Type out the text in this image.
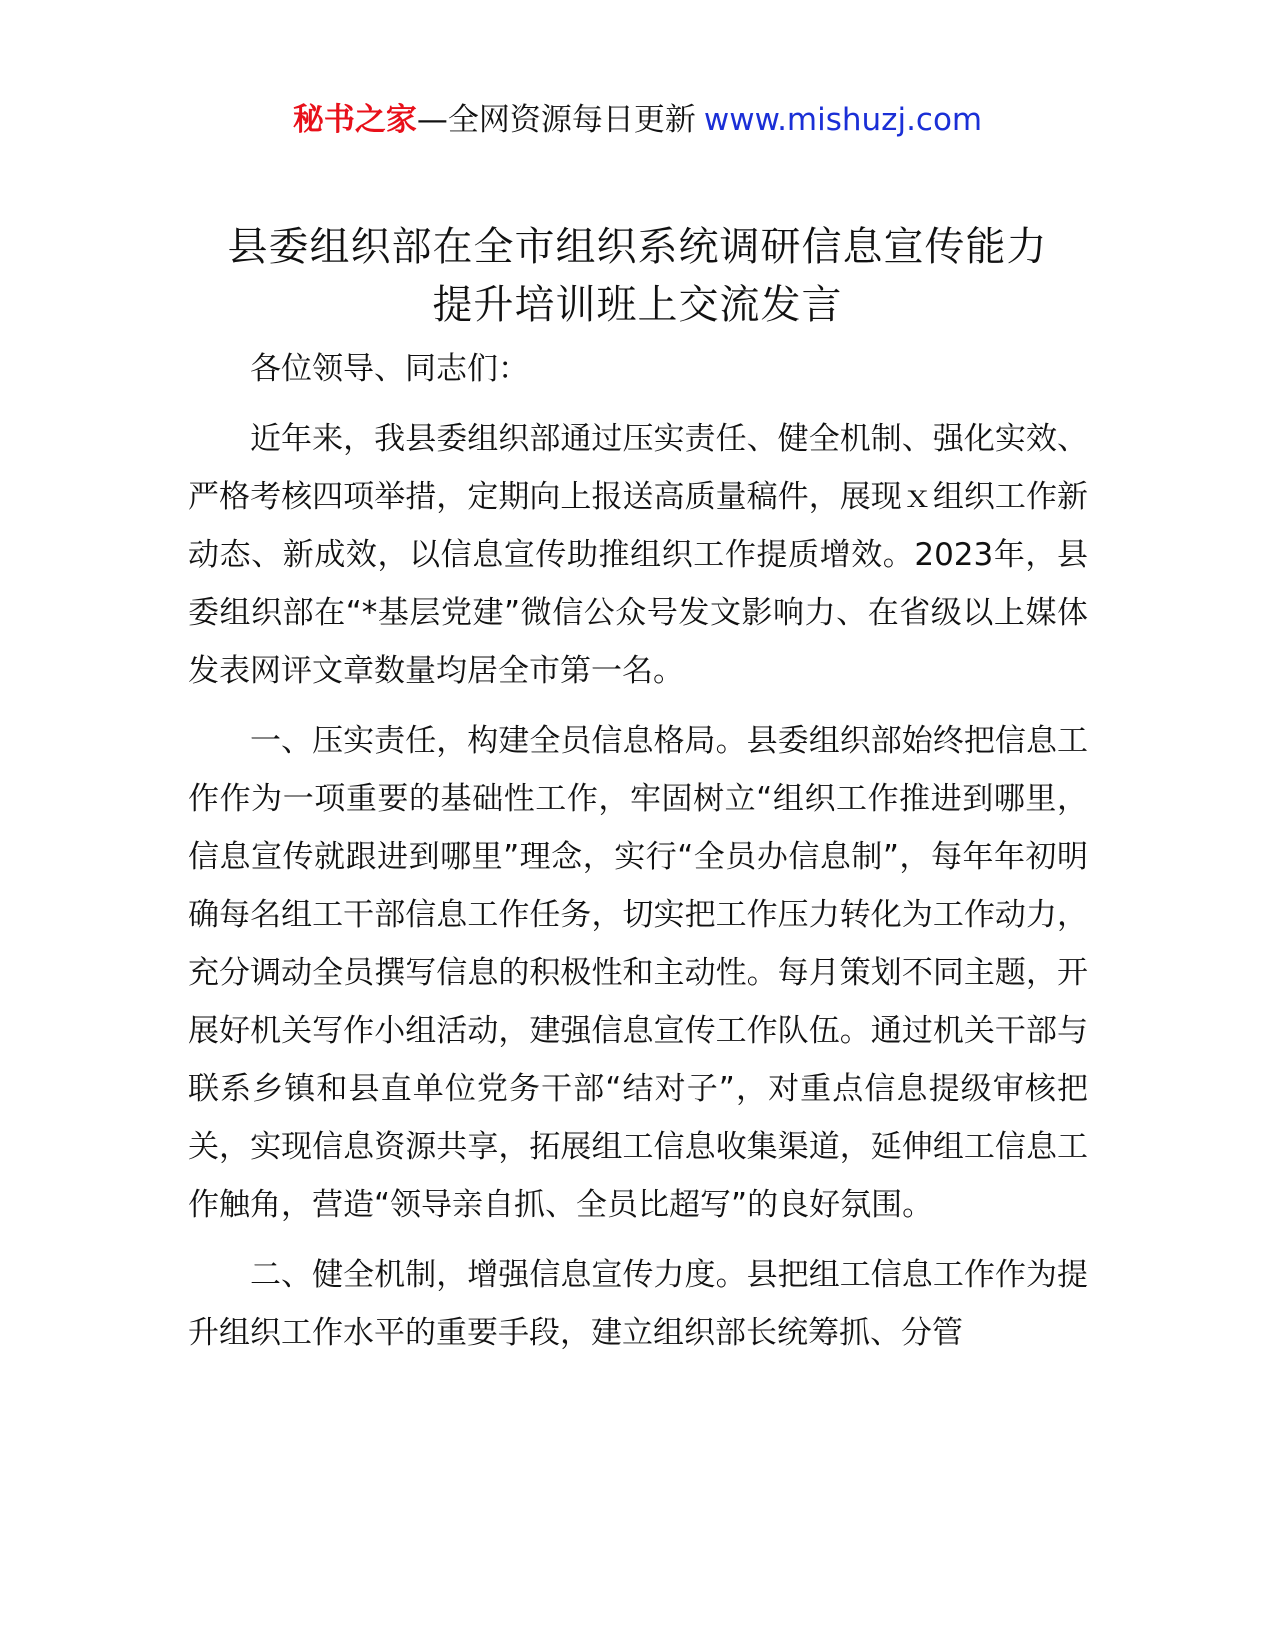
秘书之家—全网资源每日更新 www.mishuzj.com
县委组织部在全市组织系统调研信息宣传能力
提升培训班上交流发言

各位领导、同志们：

近年来，我县委组织部通过压实责任、健全机制、强化实效、严格考核四项举措，定期向上报送高质量稿件，展现ｘ组织工作新动态、新成效，以信息宣传助推组织工作提质增效。2023年，县委组织部在“*基层党建”微信公众号发文影响力、在省级以上媒体发表网评文章数量均居全市第一名。

一、压实责任，构建全员信息格局。县委组织部始终把信息工作作为一项重要的基础性工作，牢固树立“组织工作推进到哪里，信息宣传就跟进到哪里”理念，实行“全员办信息制”，每年年初明确每名组工干部信息工作任务，切实把工作压力转化为工作动力，充分调动全员撰写信息的积极性和主动性。每月策划不同主题，开展好机关写作小组活动，建强信息宣传工作队伍。通过机关干部与联系乡镇和县直单位党务干部“结对子”，对重点信息提级审核把关，实现信息资源共享，拓展组工信息收集渠道，延伸组工信息工作触角，营造“领导亲自抓、全员比超写”的良好氛围。

二、健全机制，增强信息宣传力度。县把组工信息工作作为提升组织工作水平的重要手段，建立组织部长统筹抓、分管
